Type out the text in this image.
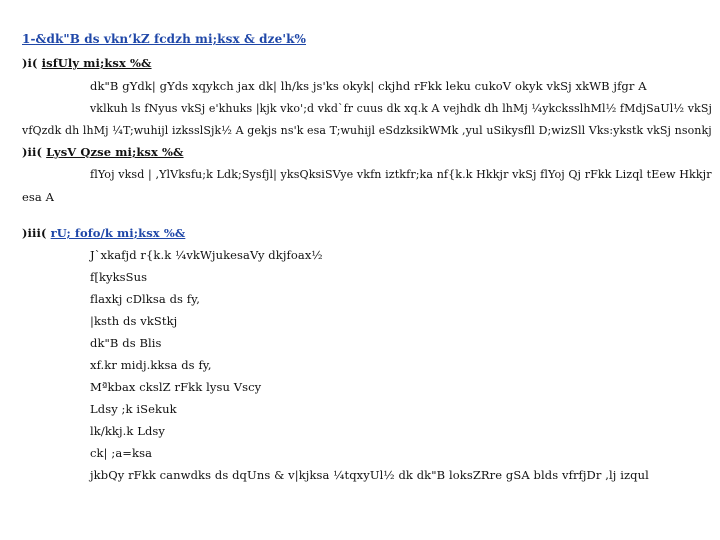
1-&dk"B ds vkn‘kZ fcdzh mi;ksx & dze'k%
)i( isfUly mi;ksx %&
dk"B gYdk| gYds xqykch jax dk| lh/ks js'ks okyk| ckjhd rFkk leku cukoV okyk vkSj xkWB jfgr A
vklkuh ls fNyus vkSj e'khuks |kjk vko';d vkd`fr cuus dk xq.k A vejhdk dh lhMj ¼ykcksslhMl½ fMdjSaUl½ vkSj
vfQzdk dh lhMj ¼T;wuhijl izksslSjk½ A gekjs ns'k esa T;wuhijl eSdzksikWMk ,yul uSikysfll D;wizSll Vks:ykstk vkSj nsonkj
)ii( LysV Qzse mi;ksx %&
flYoj vksd | ,YlVksfu;k Ldk;Sysfjl| yksQksiSVye vkfn iztkfr;ka nf{k.k Hkkjr vkSj flYoj Qj rFkk Lizql tEew Hkkjr
esa A
)iii( rU; fofo/k mi;ksx %&
J`xkafjd r{k.k ¼vkWjukesaVy dkjfoax½
f[kyksSus
flaxkj cDlksa ds fy,
|ksth ds vkStkj
dk"B ds Blis
xf.kr midj.kksa ds fy,
Mªkbax ckslZ rFkk lysu Vscy
Ldsy ;k iSekuk
lk/kkj.k Ldsy
ck| ;a=ksa
jkbQy rFkk canwdks ds dqUns & v|kjksa ¼tqxyUl½ dk dk"B loksZRre gSA blds vfrfjDr ,lj izqul
